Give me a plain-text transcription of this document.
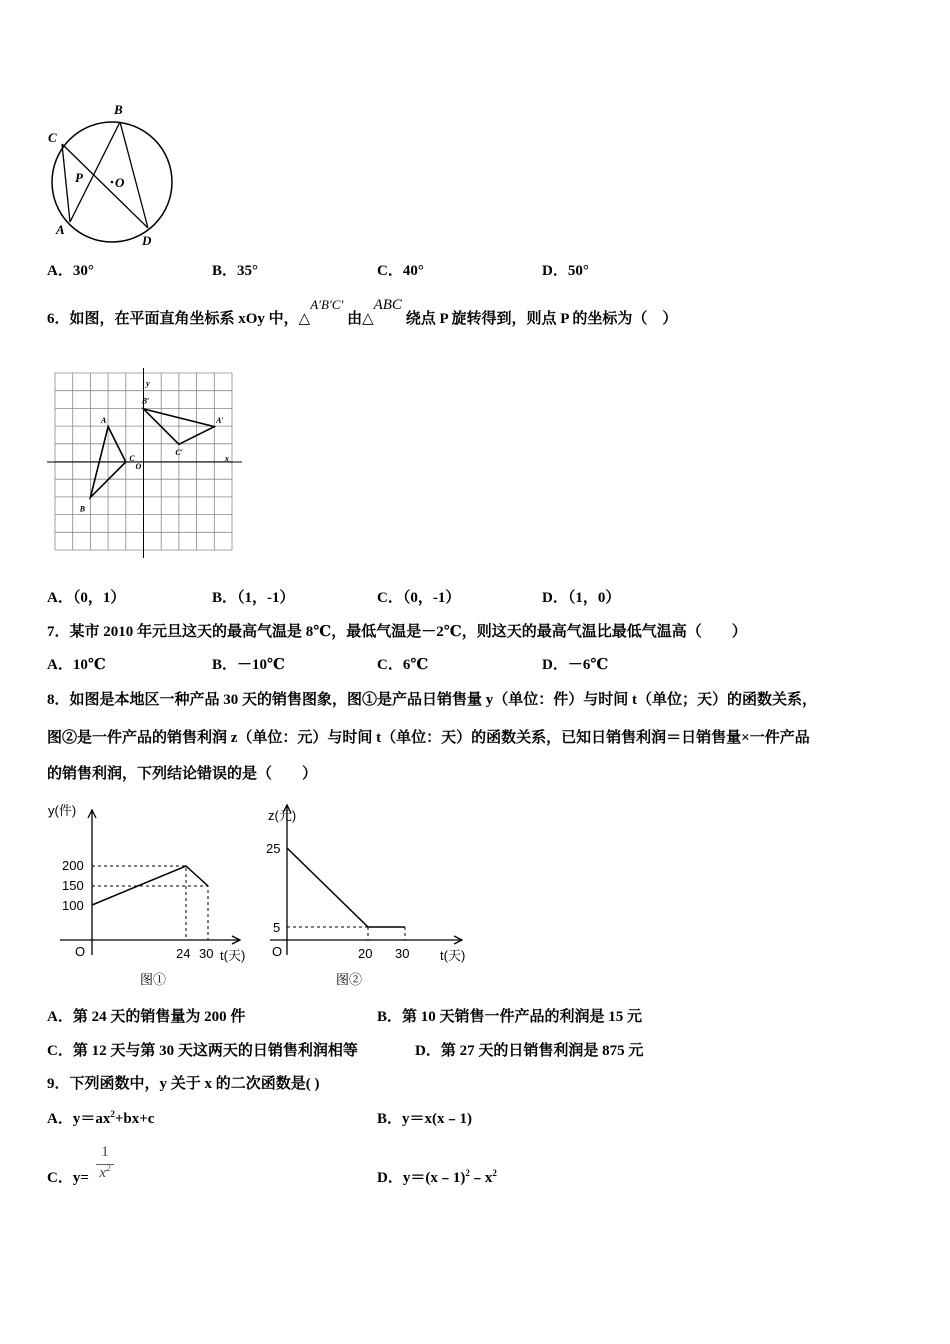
C
B
A
D
P O
A．30°	B．35°	C．40°	D．50°
6．如图，在平面直角坐标系 xOy 中，△A′B′C′ 由△ABC 绕点 P 旋转得到，则点 P 的坐标为（　）
A
B
C
A′
B′
C′
O
x
y
A．（0，1）	B．（1，-1）	C．（0，-1）	D．（1，0）
7．某市 2010 年元旦这天的最高气温是 8℃，最低气温是－2℃，则这天的最高气温比最低气温高（　　）
A．10℃	B．－10℃	C．6℃	D．－6℃
8．如图是本地区一种产品 30 天的销售图象，图①是产品日销售量 y（单位：件）与时间 t（单位；天）的函数关系，
图②是一件产品的销售利润 z（单位：元）与时间 t（单位：天）的函数关系，已知日销售利润＝日销售量×一件产品
的销售利润，下列结论错误的是（　　）
y(件)
200
150
100
O	24 30 t(天)
图①
z(元)
25
5
O	20 30 t(天)
图②
A．第 24 天的销售量为 200 件	B．第 10 天销售一件产品的利润是 15 元
C．第 12 天与第 30 天这两天的日销售利润相等	D．第 27 天的日销售利润是 875 元
9．下列函数中，y 关于 x 的二次函数是( )
A．$y=ax^2+bx+c$	B．y＝x(x﹣1)
C．$y= \frac{1}{x^2}$	D．$y=(x﹣1)^2﹣x^2$
